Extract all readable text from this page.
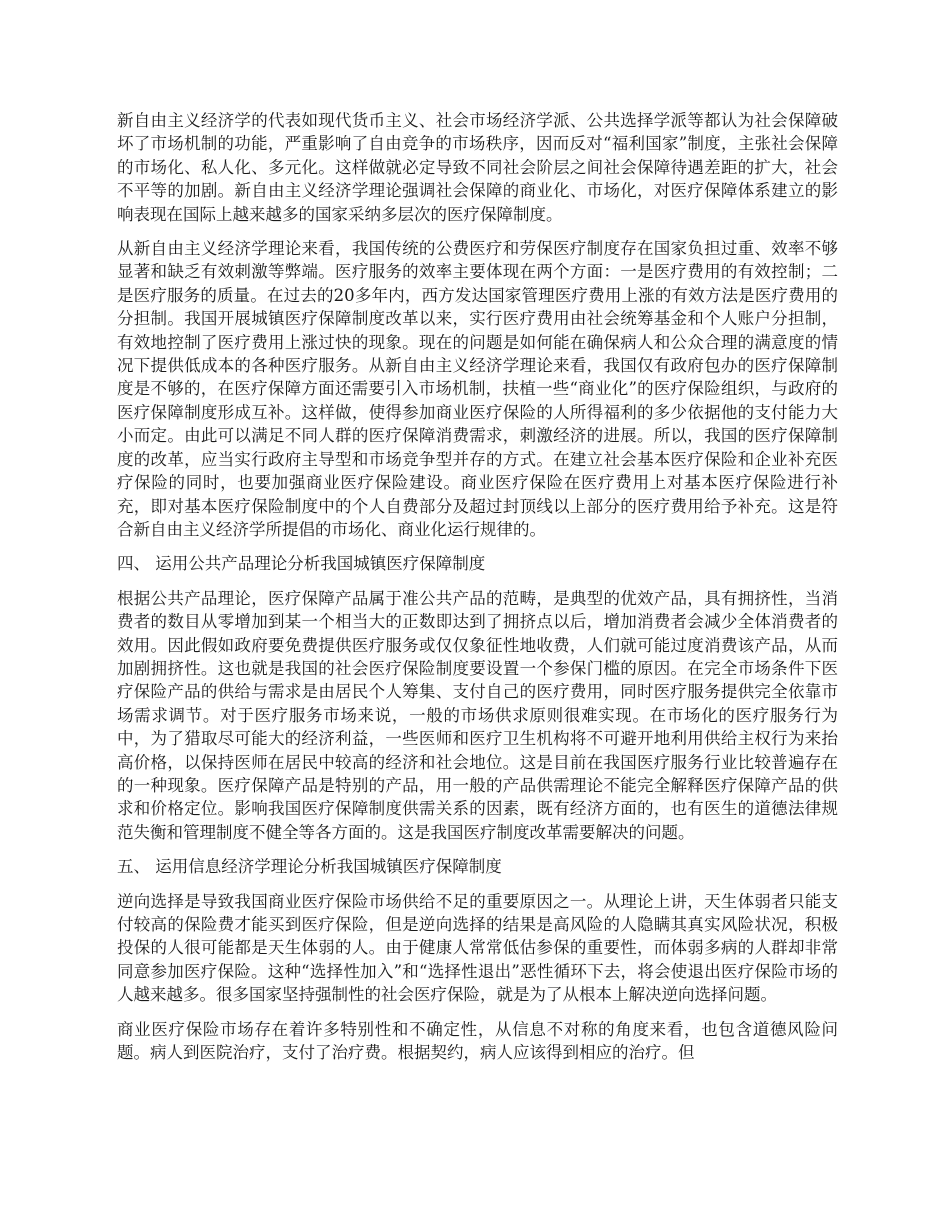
新自由主义经济学的代表如现代货币主义、社会市场经济学派、公共选择学派等都认为社会保障破坏了市场机制的功能，严重影响了自由竞争的市场秩序，因而反对“福利国家”制度，主张社会保障的市场化、私人化、多元化。这样做就必定导致不同社会阶层之间社会保障待遇差距的扩大，社会不平等的加剧。新自由主义经济学理论强调社会保障的商业化、市场化，对医疗保障体系建立的影响表现在国际上越来越多的国家采纳多层次的医疗保障制度。

从新自由主义经济学理论来看，我国传统的公费医疗和劳保医疗制度存在国家负担过重、效率不够显著和缺乏有效刺激等弊端。医疗服务的效率主要体现在两个方面：一是医疗费用的有效控制；二是医疗服务的质量。在过去的20多年内，西方发达国家管理医疗费用上涨的有效方法是医疗费用的分担制。我国开展城镇医疗保障制度改革以来，实行医疗费用由社会统筹基金和个人账户分担制，有效地控制了医疗费用上涨过快的现象。现在的问题是如何能在确保病人和公众合理的满意度的情况下提供低成本的各种医疗服务。从新自由主义经济学理论来看，我国仅有政府包办的医疗保障制度是不够的，在医疗保障方面还需要引入市场机制，扶植一些“商业化”的医疗保险组织，与政府的医疗保障制度形成互补。这样做，使得参加商业医疗保险的人所得福利的多少依据他的支付能力大小而定。由此可以满足不同人群的医疗保障消费需求，刺激经济的进展。所以，我国的医疗保障制度的改革，应当实行政府主导型和市场竞争型并存的方式。在建立社会基本医疗保险和企业补充医疗保险的同时，也要加强商业医疗保险建设。商业医疗保险在医疗费用上对基本医疗保险进行补充，即对基本医疗保险制度中的个人自费部分及超过封顶线以上部分的医疗费用给予补充。这是符合新自由主义经济学所提倡的市场化、商业化运行规律的。

四、 运用公共产品理论分析我国城镇医疗保障制度

根据公共产品理论，医疗保障产品属于准公共产品的范畴，是典型的优效产品，具有拥挤性，当消费者的数目从零增加到某一个相当大的正数即达到了拥挤点以后，增加消费者会减少全体消费者的效用。因此假如政府要免费提供医疗服务或仅仅象征性地收费，人们就可能过度消费该产品，从而加剧拥挤性。这也就是我国的社会医疗保险制度要设置一个参保门槛的原因。在完全市场条件下医疗保险产品的供给与需求是由居民个人筹集、支付自己的医疗费用，同时医疗服务提供完全依靠市场需求调节。对于医疗服务市场来说，一般的市场供求原则很难实现。在市场化的医疗服务行为中，为了猎取尽可能大的经济利益，一些医师和医疗卫生机构将不可避开地利用供给主权行为来抬高价格，以保持医师在居民中较高的经济和社会地位。这是目前在我国医疗服务行业比较普遍存在的一种现象。医疗保障产品是特别的产品，用一般的产品供需理论不能完全解释医疗保障产品的供求和价格定位。影响我国医疗保障制度供需关系的因素，既有经济方面的，也有医生的道德法律规范失衡和管理制度不健全等各方面的。这是我国医疗制度改革需要解决的问题。

五、 运用信息经济学理论分析我国城镇医疗保障制度

逆向选择是导致我国商业医疗保险市场供给不足的重要原因之一。从理论上讲，天生体弱者只能支付较高的保险费才能买到医疗保险，但是逆向选择的结果是高风险的人隐瞒其真实风险状况，积极投保的人很可能都是天生体弱的人。由于健康人常常低估参保的重要性，而体弱多病的人群却非常同意参加医疗保险。这种“选择性加入”和“选择性退出”恶性循环下去，将会使退出医疗保险市场的人越来越多。很多国家坚持强制性的社会医疗保险，就是为了从根本上解决逆向选择问题。

商业医疗保险市场存在着许多特别性和不确定性，从信息不对称的角度来看，也包含道德风险问题。病人到医院治疗，支付了治疗费。根据契约，病人应该得到相应的治疗。但
